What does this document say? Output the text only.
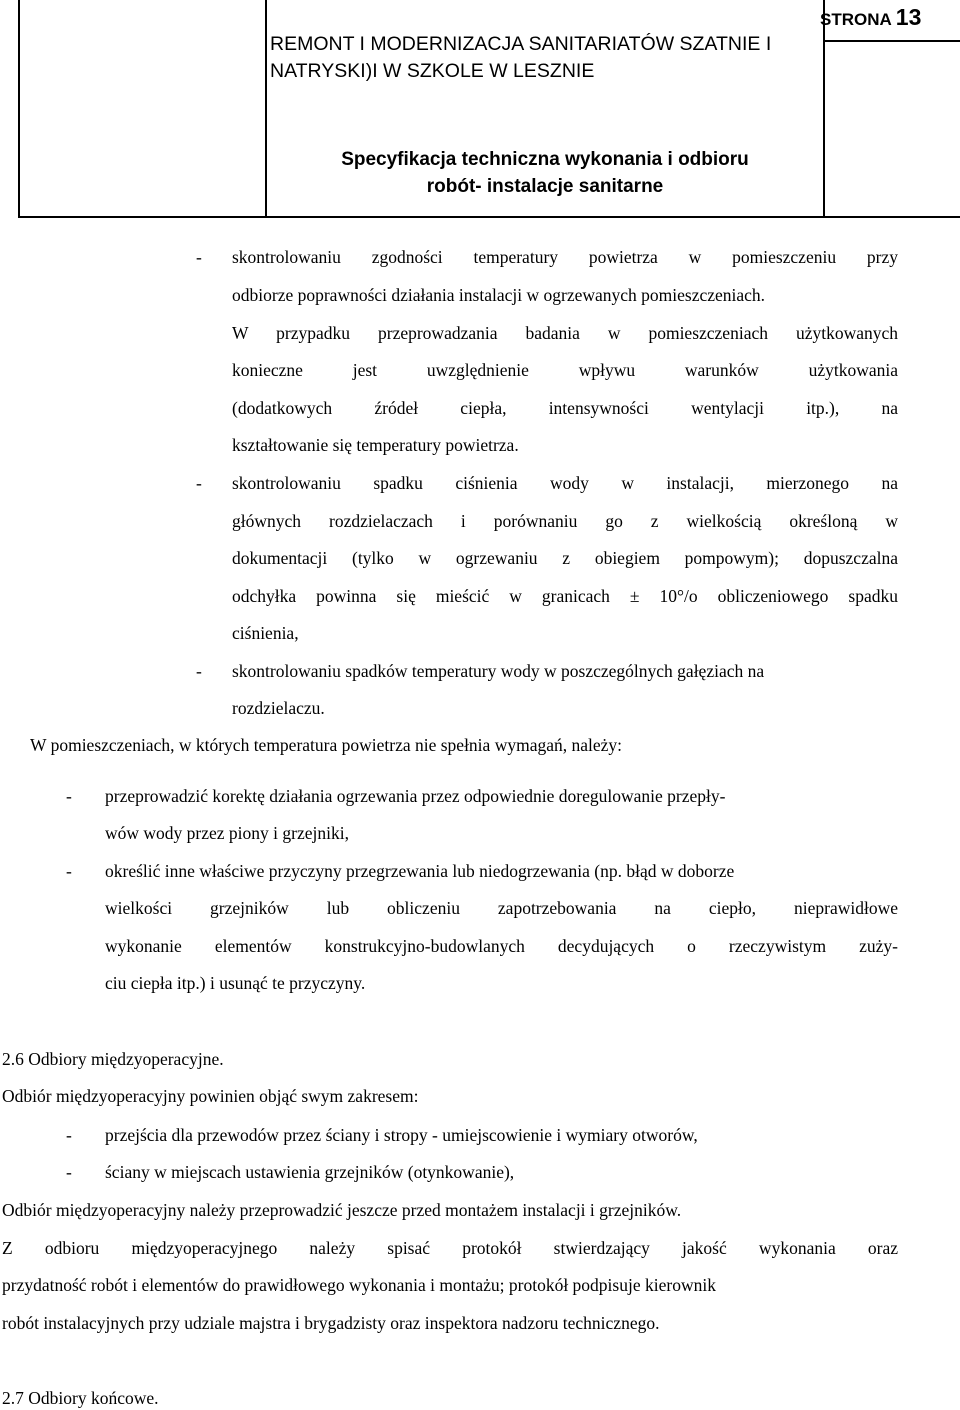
STRONA 13
REMONT I MODERNIZACJA SANITARIATÓW SZATNIE I
NATRYSKI)I W SZKOLE W LESZNIE
Specyfikacja techniczna wykonania i odbioru
robót- instalacje sanitarne
- skontrolowaniu zgodności temperatury powietrza w pomieszczeniu przy
odbiorze poprawności działania instalacji w ogrzewanych pomieszczeniach.
W przypadku przeprowadzania badania w pomieszczeniach użytkowanych
konieczne jest uwzględnienie wpływu warunków użytkowania
(dodatkowych źródeł ciepła, intensywności wentylacji itp.), na
kształtowanie się temperatury powietrza.
- skontrolowaniu spadku ciśnienia wody w instalacji, mierzonego na
głównych rozdzielaczach i porównaniu go z wielkością określoną w
dokumentacji (tylko w ogrzewaniu z obiegiem pompowym); dopuszczalna
odchyłka powinna się mieścić w granicach ± 10°/o obliczeniowego spadku
ciśnienia,
- skontrolowaniu spadków temperatury wody w poszczególnych gałęziach na
rozdzielaczu.
W pomieszczeniach, w których temperatura powietrza nie spełnia wymagań, należy:
- przeprowadzić korektę działania ogrzewania przez odpowiednie doregulowanie przepły-
wów wody przez piony i grzejniki,
- określić inne właściwe przyczyny przegrzewania lub niedogrzewania (np. błąd w doborze
wielkości grzejników lub obliczeniu zapotrzebowania na ciepło, nieprawidłowe
wykonanie elementów konstrukcyjno-budowlanych decydujących o rzeczywistym zuży-
ciu ciepła itp.) i usunąć te przyczyny.
2.6 Odbiory międzyoperacyjne.
Odbiór międzyoperacyjny powinien objąć swym zakresem:
- przejścia dla przewodów przez ściany i stropy - umiejscowienie i wymiary otworów,
- ściany w miejscach ustawienia grzejników (otynkowanie),
Odbiór międzyoperacyjny należy przeprowadzić jeszcze przed montażem instalacji i grzejników.
Z odbioru międzyoperacyjnego należy spisać protokół stwierdzający jakość wykonania oraz
przydatność robót i elementów do prawidłowego wykonania i montażu; protokół podpisuje kierownik
robót instalacyjnych przy udziale majstra i brygadzisty oraz inspektora nadzoru technicznego.
2.7 Odbiory końcowe.
